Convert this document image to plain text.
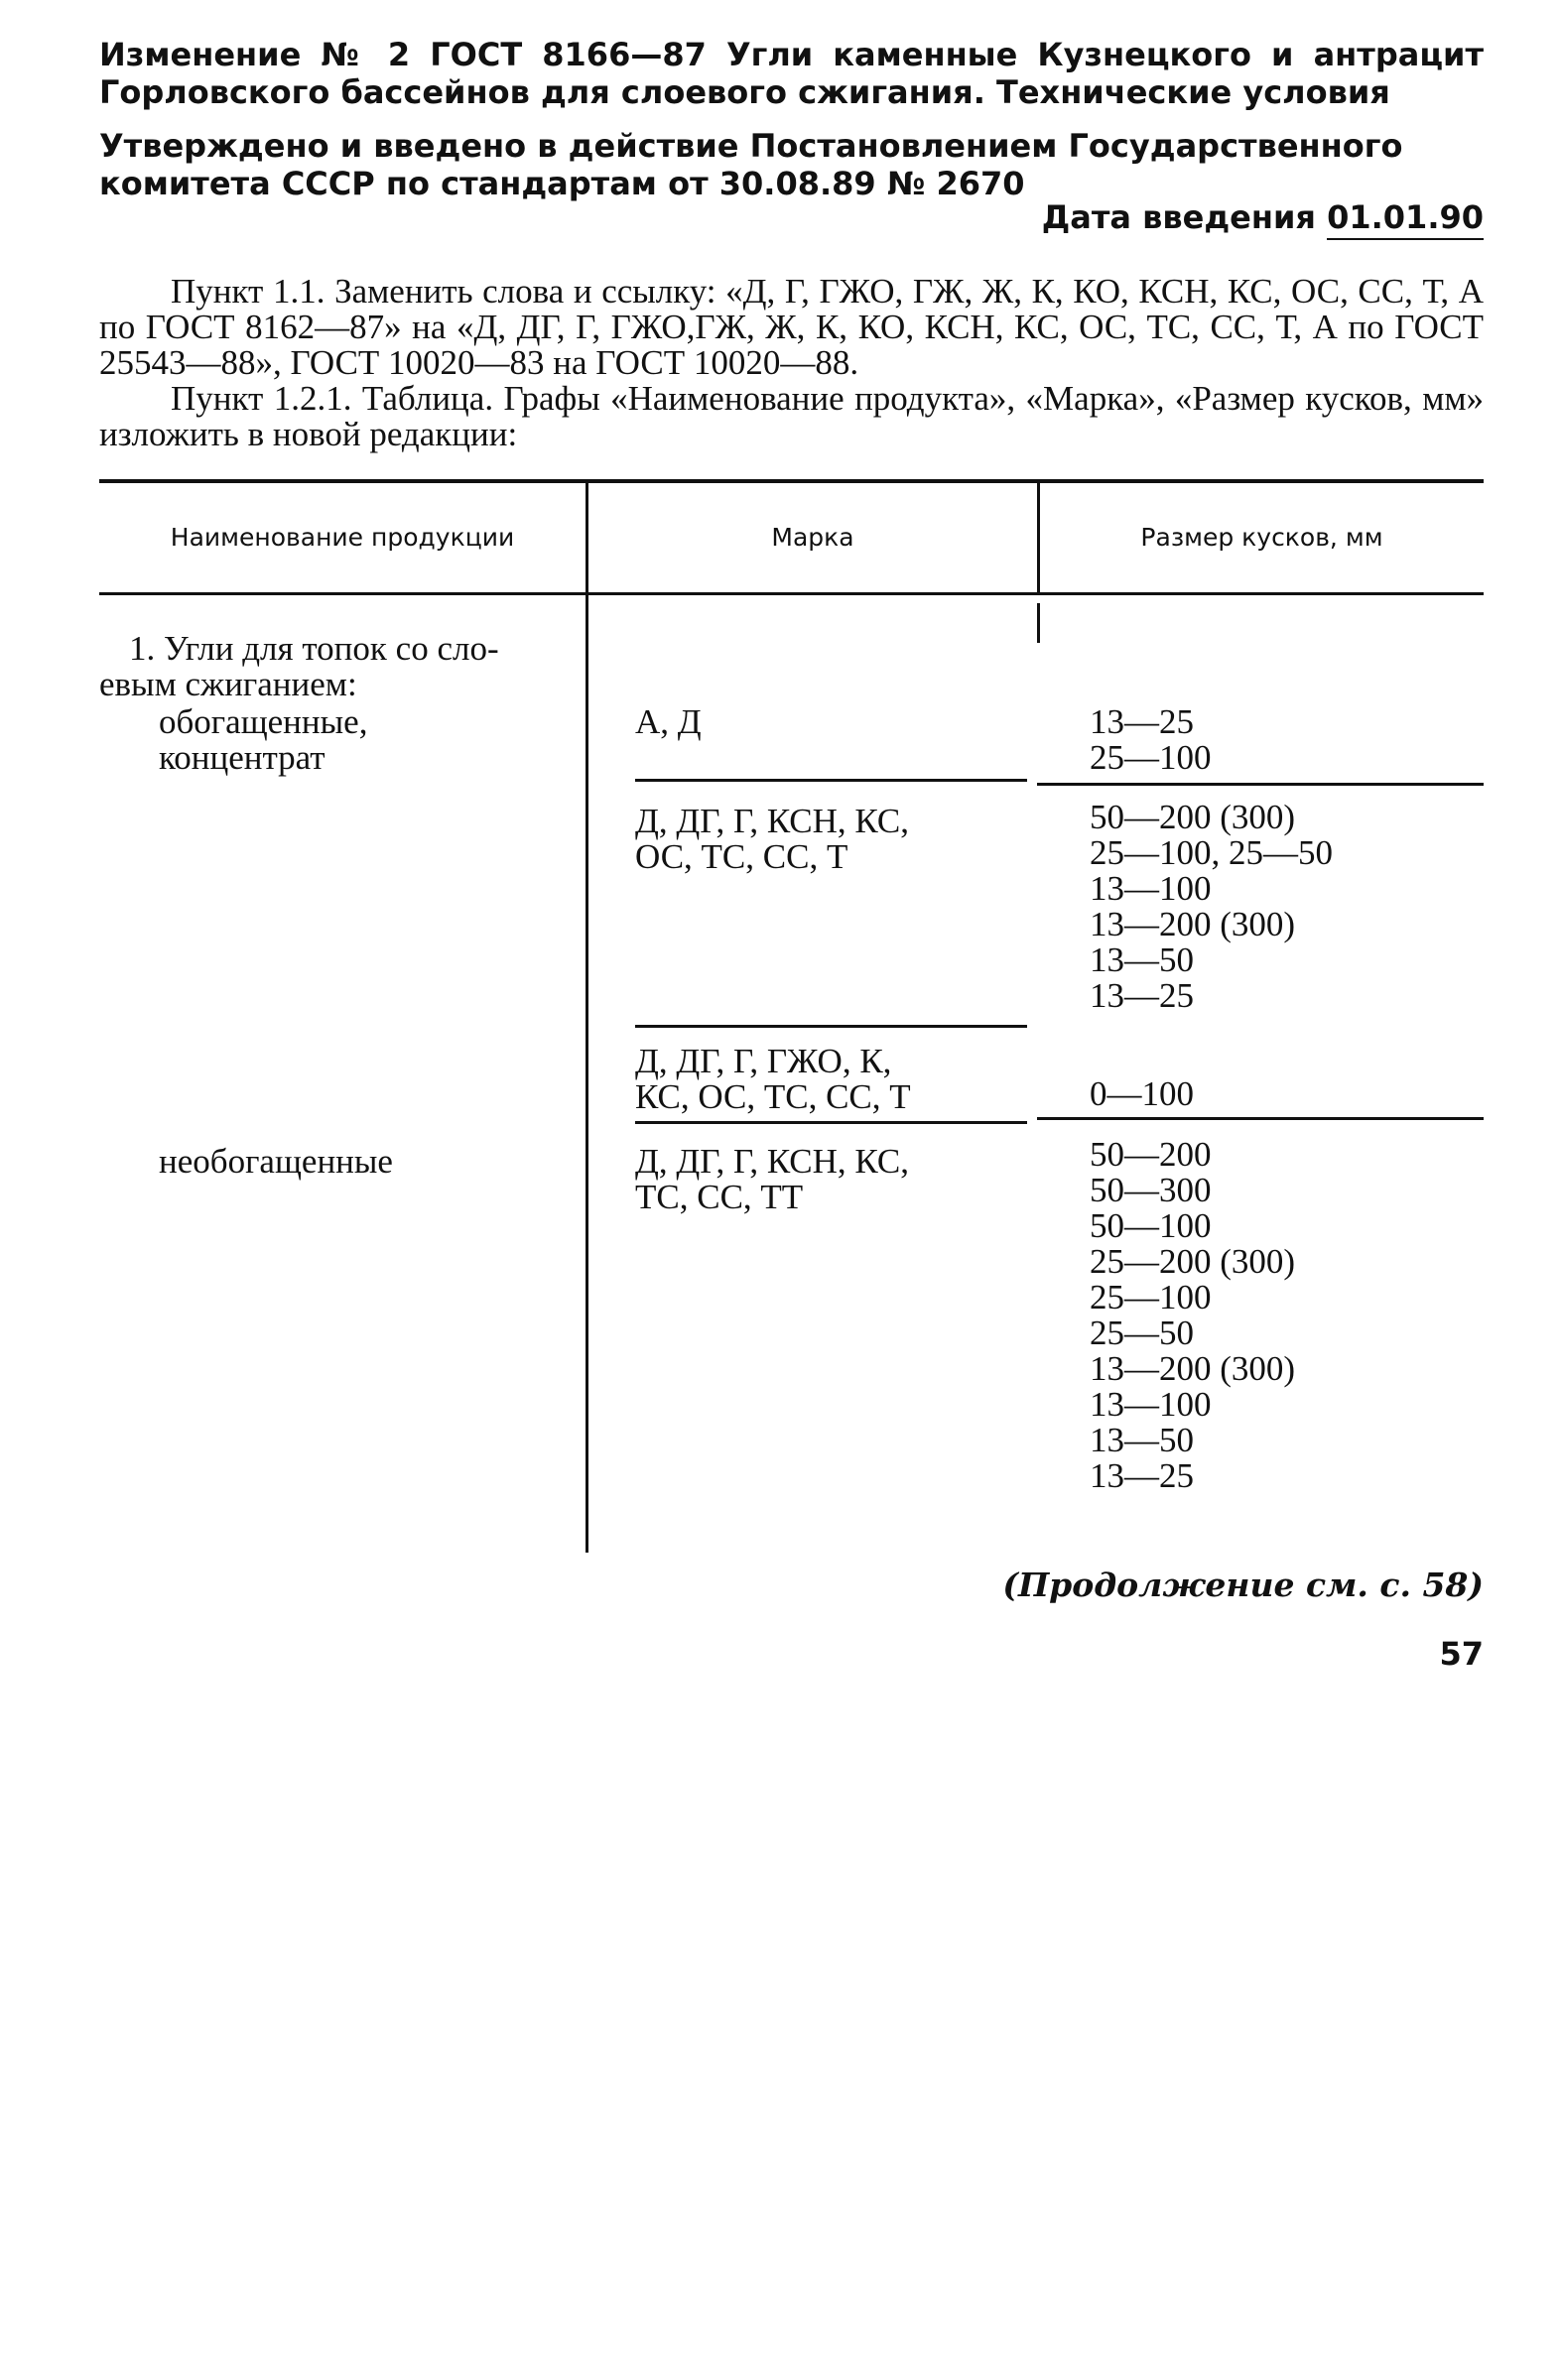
Изменение № 2 ГОСТ 8166—87 Угли каменные Кузнецкого и антрацит Горловского бассейнов для слоевого сжигания. Технические условия
Утверждено и введено в действие Постановлением Государственного комитета СССР по стандартам от 30.08.89 № 2670
Дата введения 01.01.90

Пункт 1.1. Заменить слова и ссылку: «Д, Г, ГЖО, ГЖ, Ж, К, КО, КСН, КС, ОС, СС, Т, А по ГОСТ 8162—87» на «Д, ДГ, Г, ГЖО,ГЖ, Ж, К, КО, КСН, КС, ОС, ТС, СС, Т, А по ГОСТ 25543—88», ГОСТ 10020—83 на ГОСТ 10020—88.

Пункт 1.2.1. Таблица. Графы «Наименование продукта», «Марка», «Размер кусков, мм» изложить в новой редакции:

Наименование продукции	Марка	Размер кусков, мм
1. Угли для топок со сло-
евым сжиганием:
обогащенные,
концентрат
необогащенные
А, Д
Д, ДГ, Г, КСН, КС,
ОС, ТС, СС, Т
Д, ДГ, Г, ГЖО, К,
КС, ОС, ТС, СС, Т
Д, ДГ, Г, КСН, КС,
ТС, СС, ТТ
13—25
25—100
50—200 (300)
25—100, 25—50
13—100
13—200 (300)
13—50
13—25
0—100
50—200
50—300
50—100
25—200 (300)
25—100
25—50
13—200 (300)
13—100
13—50
13—25
(Продолжение см. с. 58)
57
